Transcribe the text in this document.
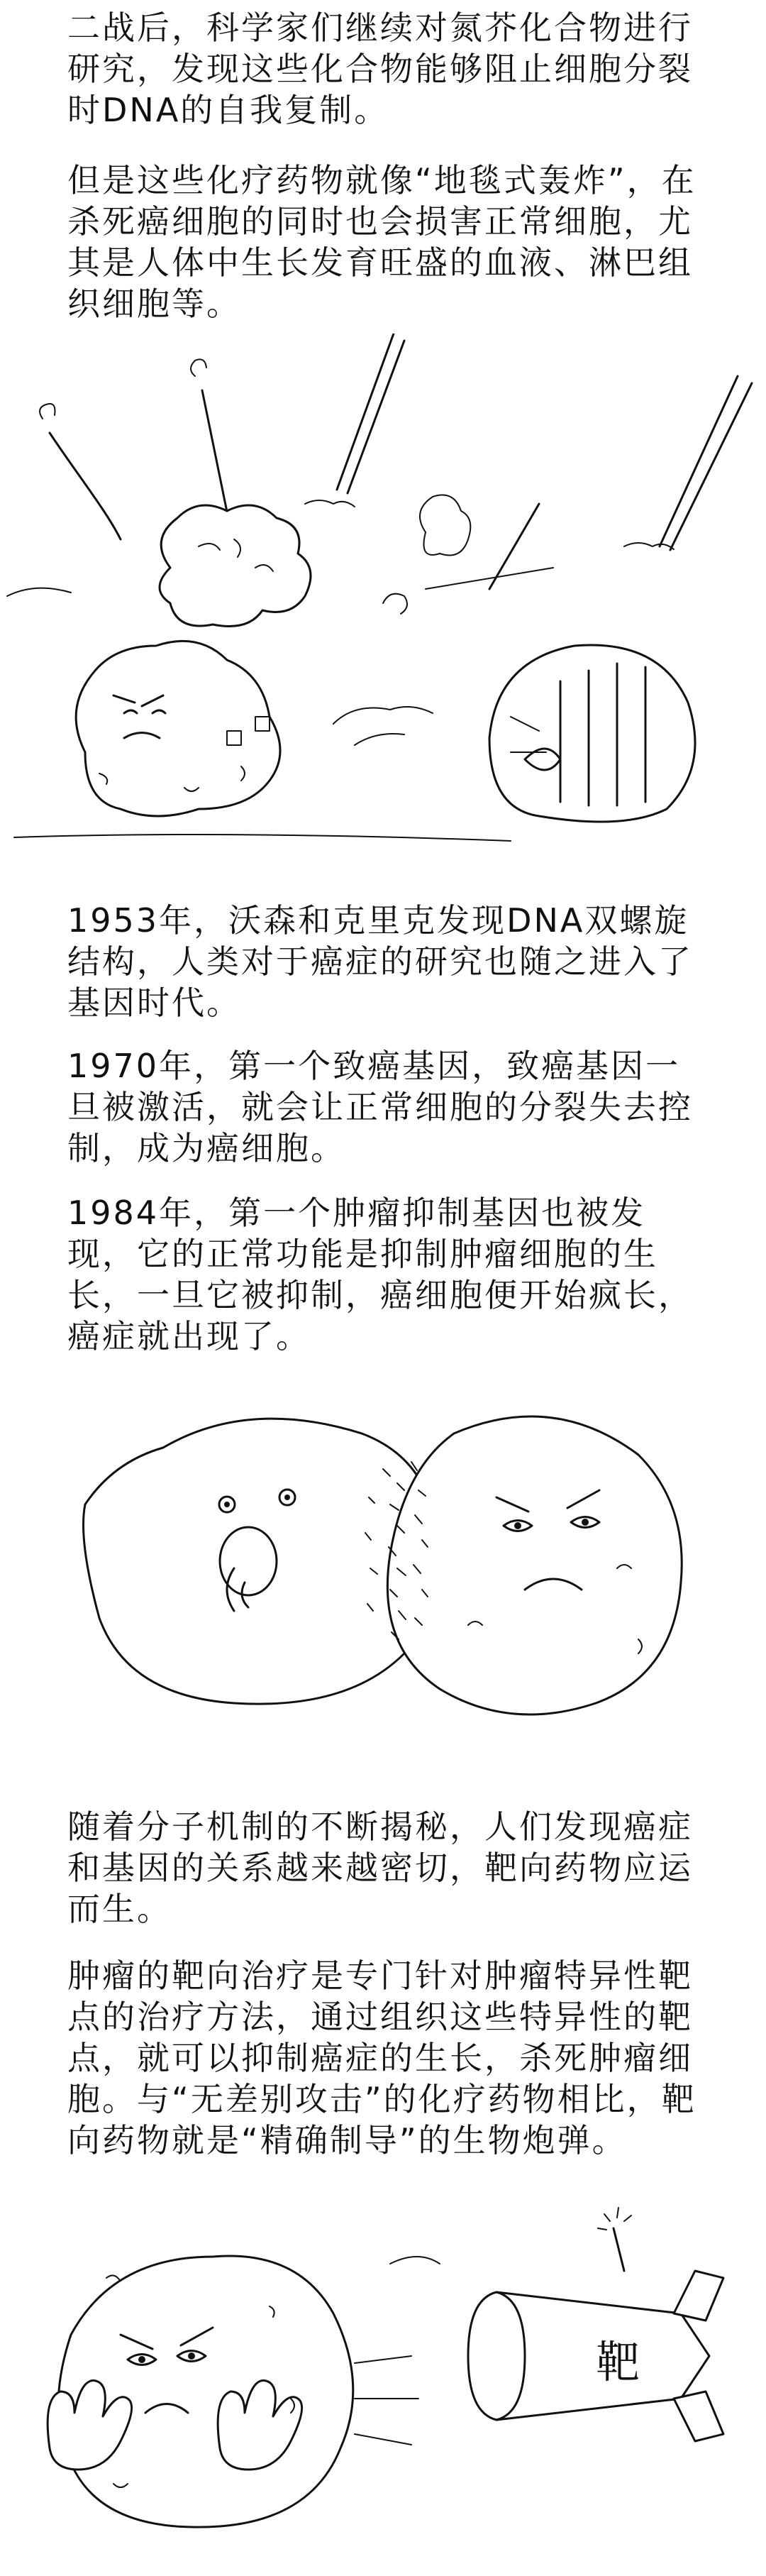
二战后，科学家们继续对氮芥化合物进行研究，发现这些化合物能够阻止细胞分裂时DNA的自我复制。

但是这些化疗药物就像“地毯式轰炸”，在杀死癌细胞的同时也会损害正常细胞，尤其是人体中生长发育旺盛的血液、淋巴组织细胞等。

1953年，沃森和克里克发现DNA双螺旋结构，人类对于癌症的研究也随之进入了基因时代。

1970年，第一个致癌基因，致癌基因一旦被激活，就会让正常细胞的分裂失去控制，成为癌细胞。

1984年，第一个肿瘤抑制基因也被发现，它的正常功能是抑制肿瘤细胞的生长，一旦它被抑制，癌细胞便开始疯长，癌症就出现了。

随着分子机制的不断揭秘，人们发现癌症和基因的关系越来越密切，靶向药物应运而生。

肿瘤的靶向治疗是专门针对肿瘤特异性靶点的治疗方法，通过组织这些特异性的靶点，就可以抑制癌症的生长，杀死肿瘤细胞。与“无差别攻击”的化疗药物相比，靶向药物就是“精确制导”的生物炮弹。

靶
